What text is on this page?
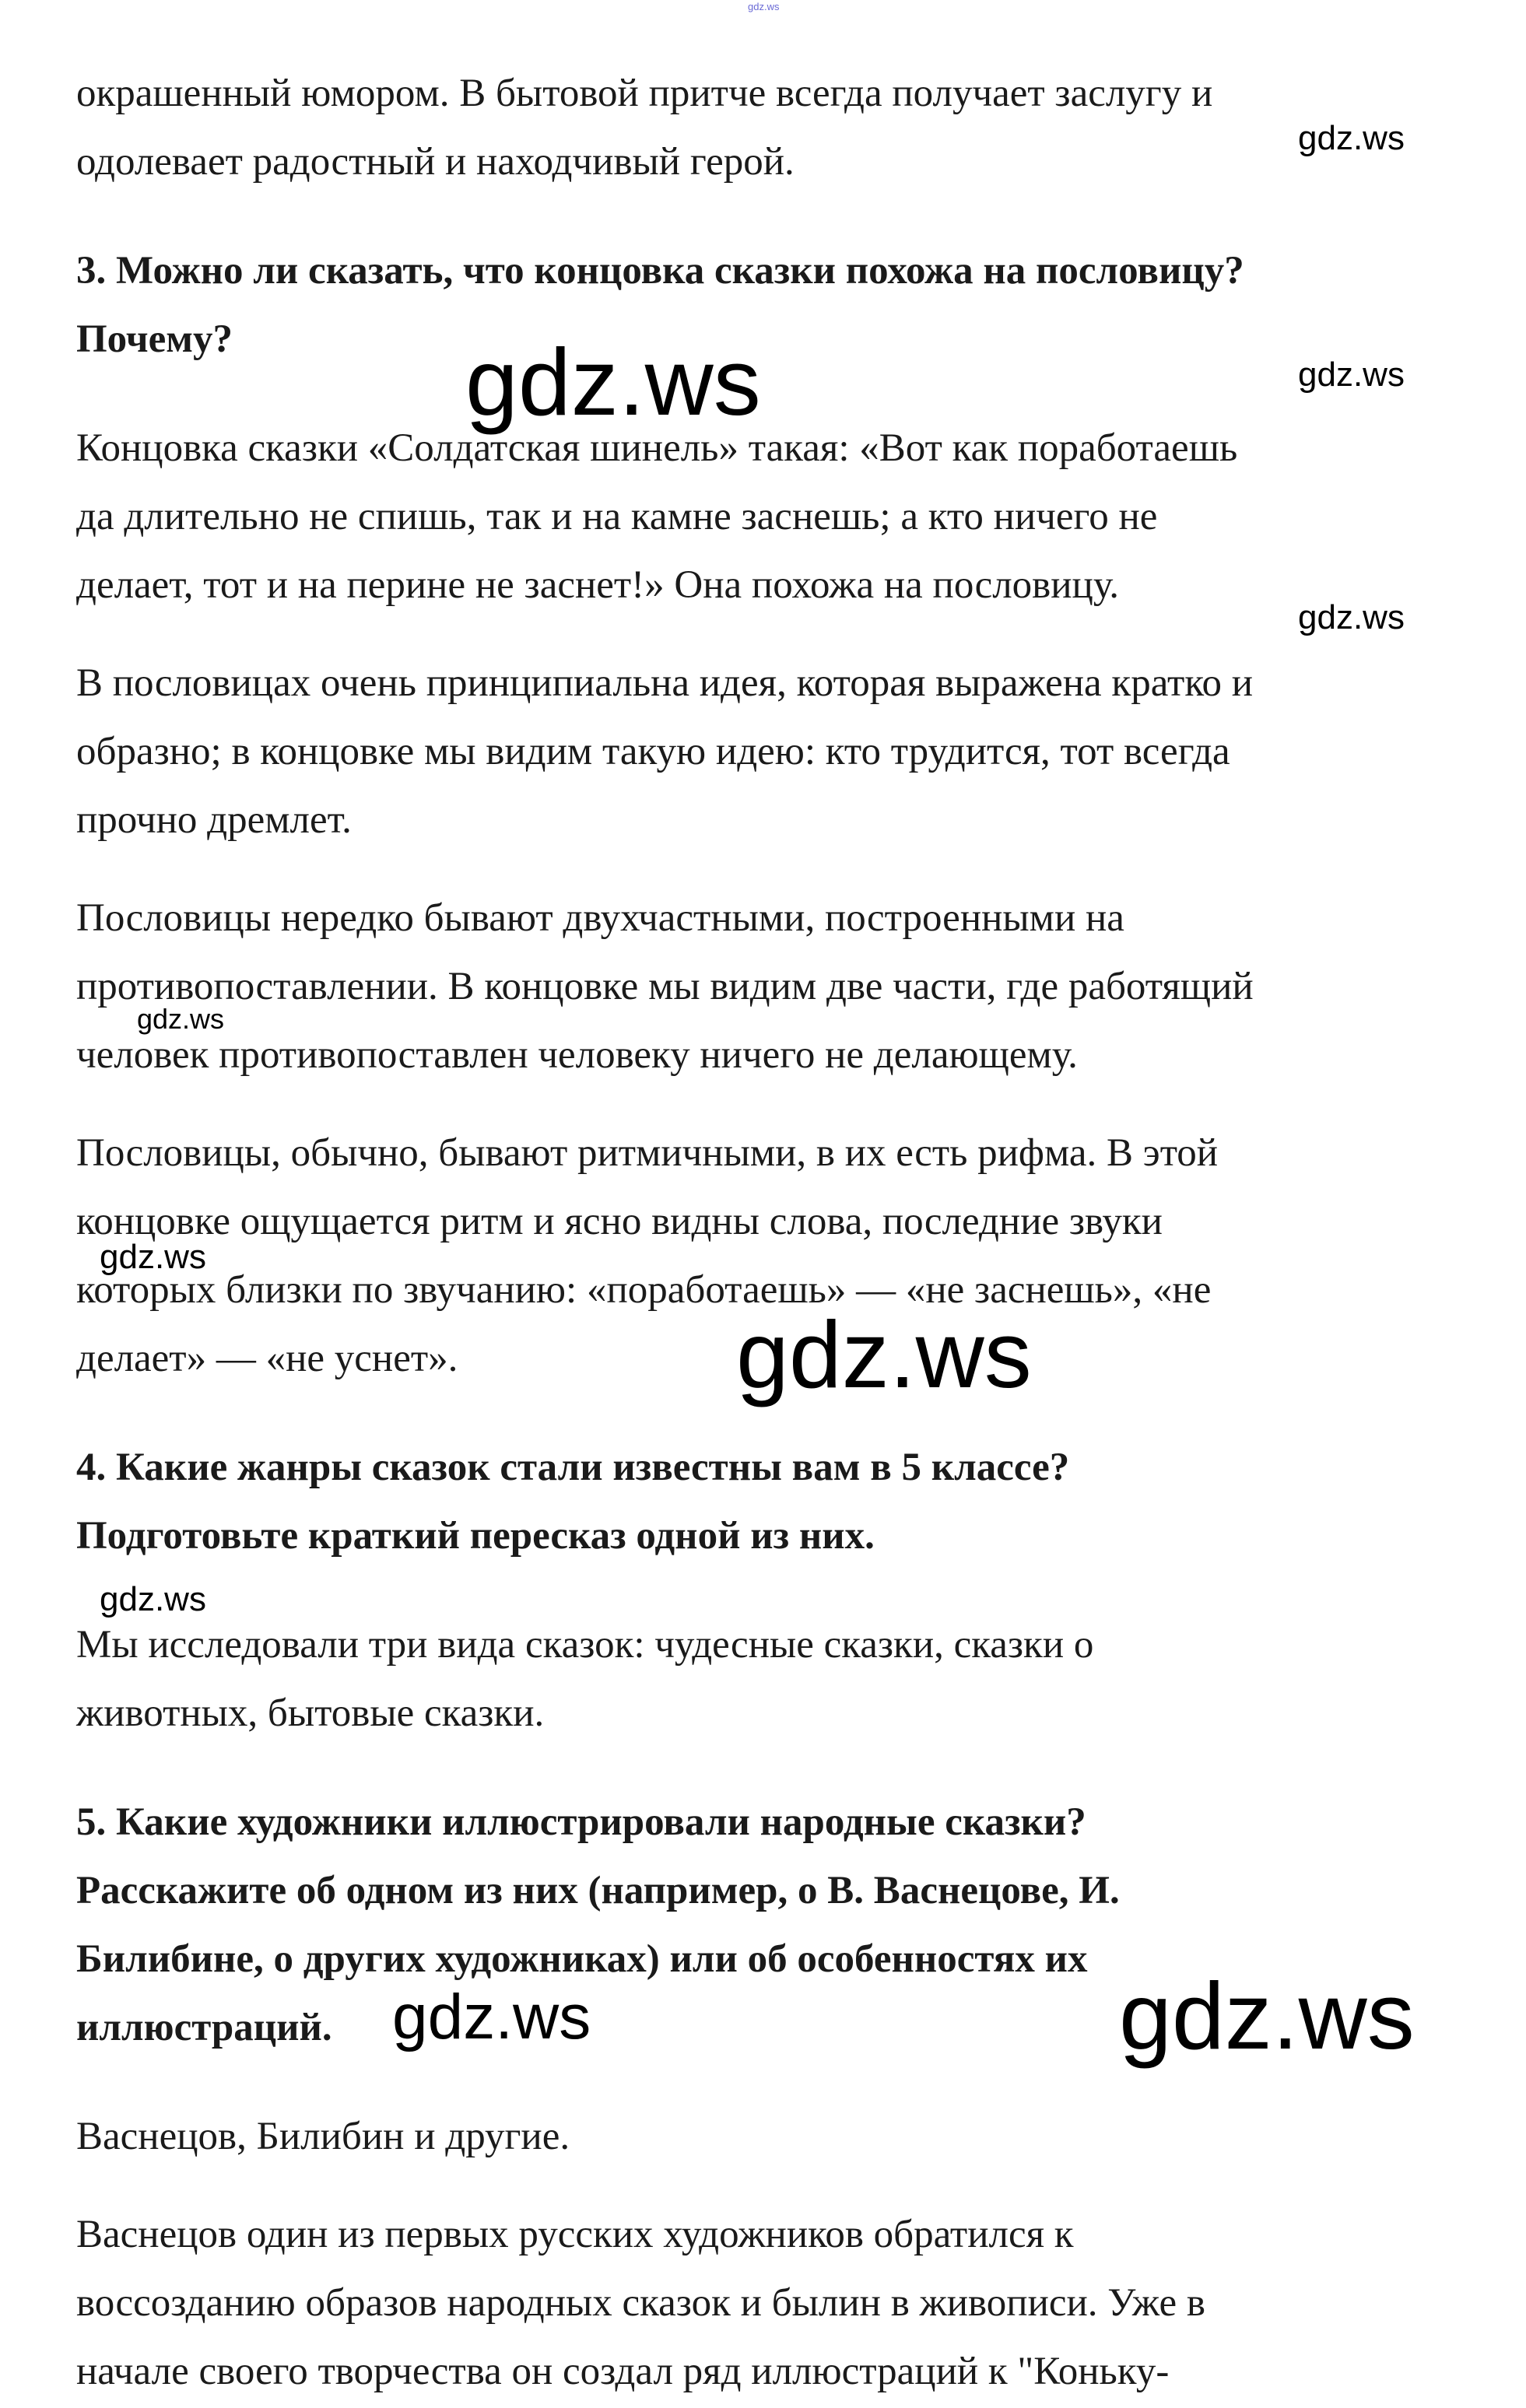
окрашенный юмором. В бытовой притче всегда получает заслугу и

одолевает радостный и находчивый герой.

3. Можно ли сказать, что концовка сказки похожа на пословицу?

Почему?

Концовка сказки «Солдатская шинель» такая: «Вот как поработаешь

да длительно не спишь, так и на камне заснешь; а кто ничего не

делает, тот и на перине не заснет!» Она похожа на пословицу.

В пословицах очень принципиальна идея, которая выражена кратко и

образно; в концовке мы видим такую идею: кто трудится, тот всегда

прочно дремлет.

Пословицы нередко бывают двухчастными, построенными на

противопоставлении. В концовке мы видим две части, где работящий

человек противопоставлен человеку ничего не делающему.

Пословицы, обычно, бывают ритмичными, в их есть рифма. В этой

концовке ощущается ритм и ясно видны слова, последние звуки

которых близки по звучанию: «поработаешь» — «не заснешь», «не

делает» — «не уснет».

4. Какие жанры сказок стали известны вам в 5 классе?

Подготовьте краткий пересказ одной из них.

Мы исследовали три вида сказок: чудесные сказки, сказки о

животных, бытовые сказки.

5. Какие художники иллюстрировали народные сказки?

Расскажите об одном из них (например, о В. Васнецове, И.

Билибине, о других художниках) или об особенностях их

иллюстраций.

Васнецов, Билибин и другие.

Васнецов один из первых русских художников обратился к

воссозданию образов народных сказок и былин в живописи. Уже в

начале своего творчества он создал ряд иллюстраций к "Коньку-

gdz.ws
gdz.ws
gdz.ws	gdz.ws
gdz.ws
gdz.ws
gdz.ws
gdz.ws
gdz.ws
gdz.ws	gdz.ws
